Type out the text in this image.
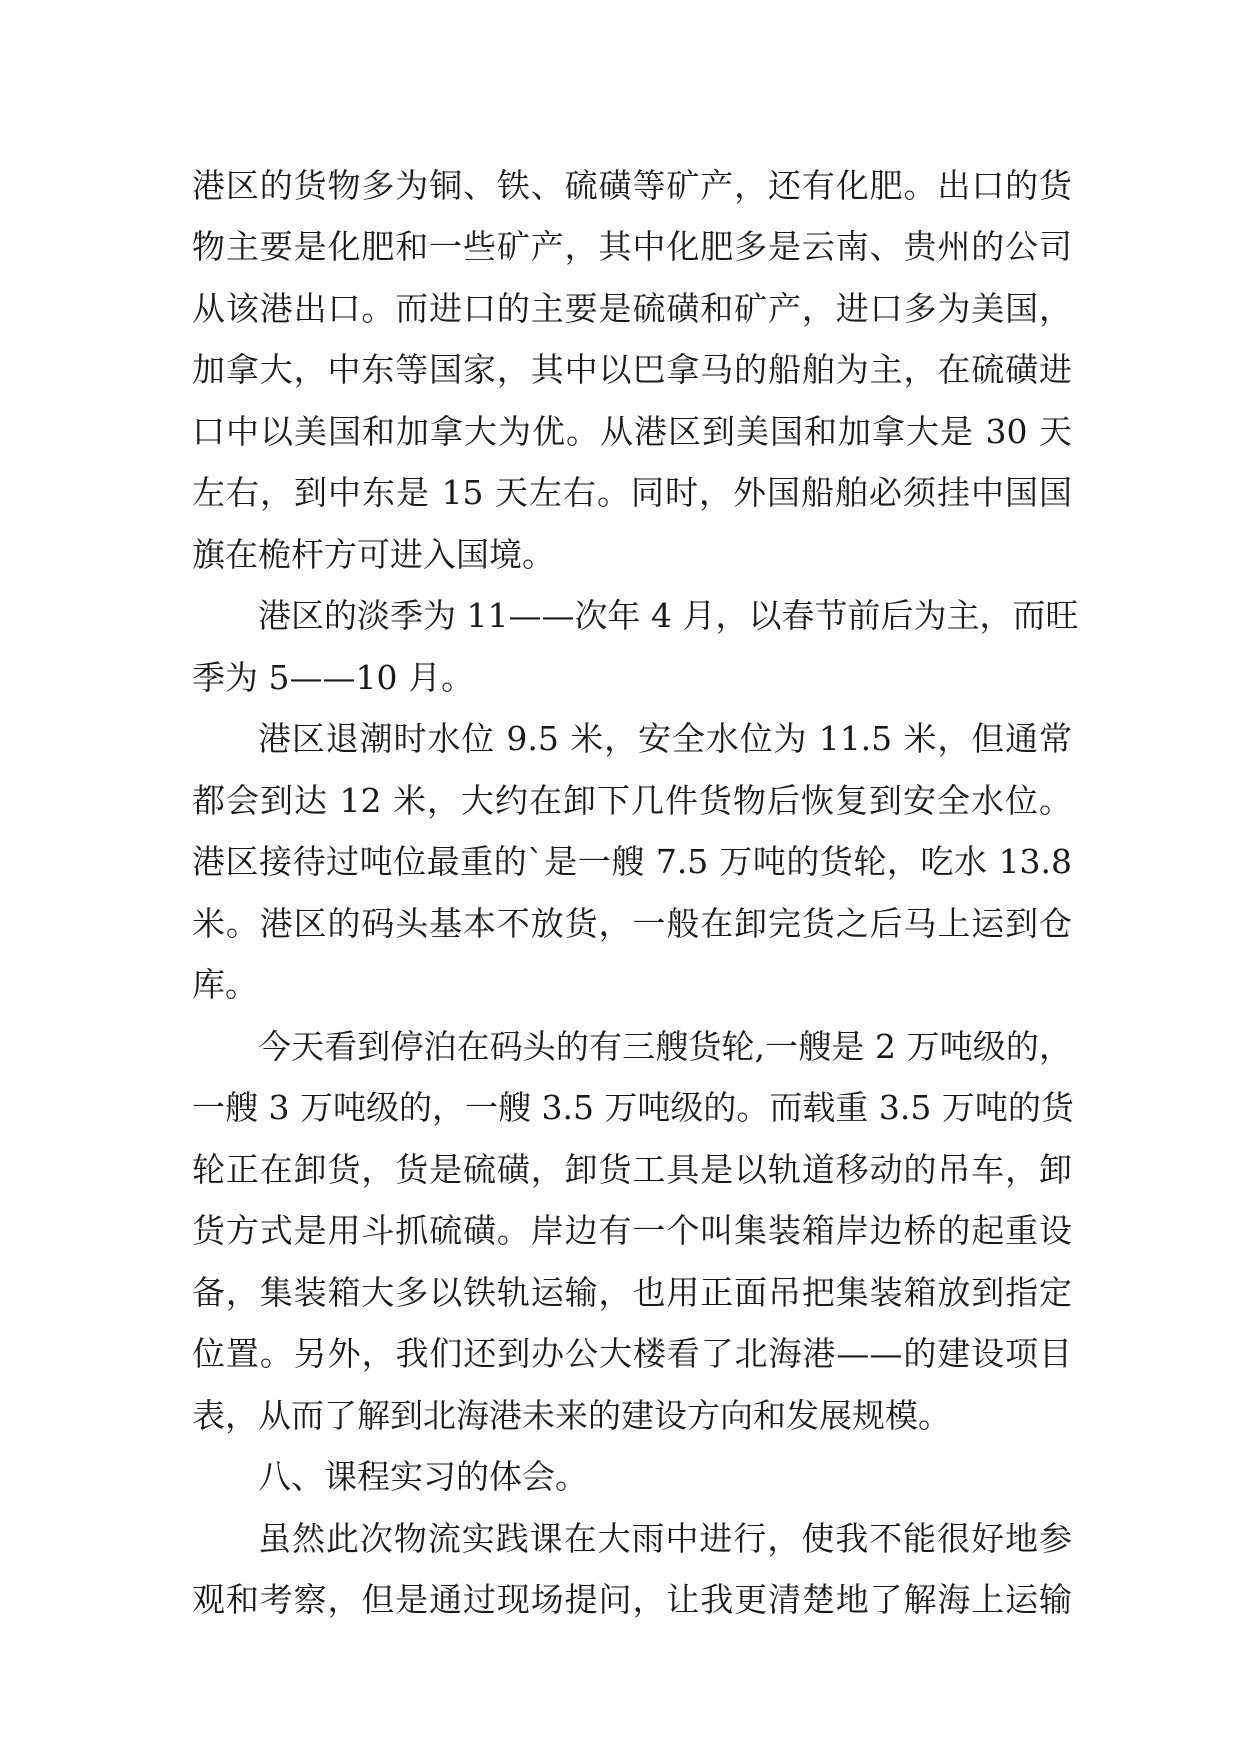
港区的货物多为铜、铁、硫磺等矿产，还有化肥。出口的货
物主要是化肥和一些矿产，其中化肥多是云南、贵州的公司
从该港出口。而进口的主要是硫磺和矿产，进口多为美国，
加拿大，中东等国家，其中以巴拿马的船舶为主，在硫磺进
口中以美国和加拿大为优。从港区到美国和加拿大是 30 天
左右，到中东是 15 天左右。同时，外国船舶必须挂中国国
旗在桅杆方可进入国境。
港区的淡季为 11——次年 4 月，以春节前后为主，而旺
季为 5——10 月。
港区退潮时水位 9.5 米，安全水位为 11.5 米，但通常
都会到达 12 米，大约在卸下几件货物后恢复到安全水位。
港区接待过吨位最重的`是一艘 7.5 万吨的货轮，吃水 13.8
米。港区的码头基本不放货，一般在卸完货之后马上运到仓
库。
今天看到停泊在码头的有三艘货轮,一艘是 2 万吨级的，
一艘 3 万吨级的，一艘 3.5 万吨级的。而载重 3.5 万吨的货
轮正在卸货，货是硫磺，卸货工具是以轨道移动的吊车，卸
货方式是用斗抓硫磺。岸边有一个叫集装箱岸边桥的起重设
备，集装箱大多以铁轨运输，也用正面吊把集装箱放到指定
位置。另外，我们还到办公大楼看了北海港——的建设项目
表，从而了解到北海港未来的建设方向和发展规模。
八、课程实习的体会。
虽然此次物流实践课在大雨中进行，使我不能很好地参
观和考察，但是通过现场提问，让我更清楚地了解海上运输
